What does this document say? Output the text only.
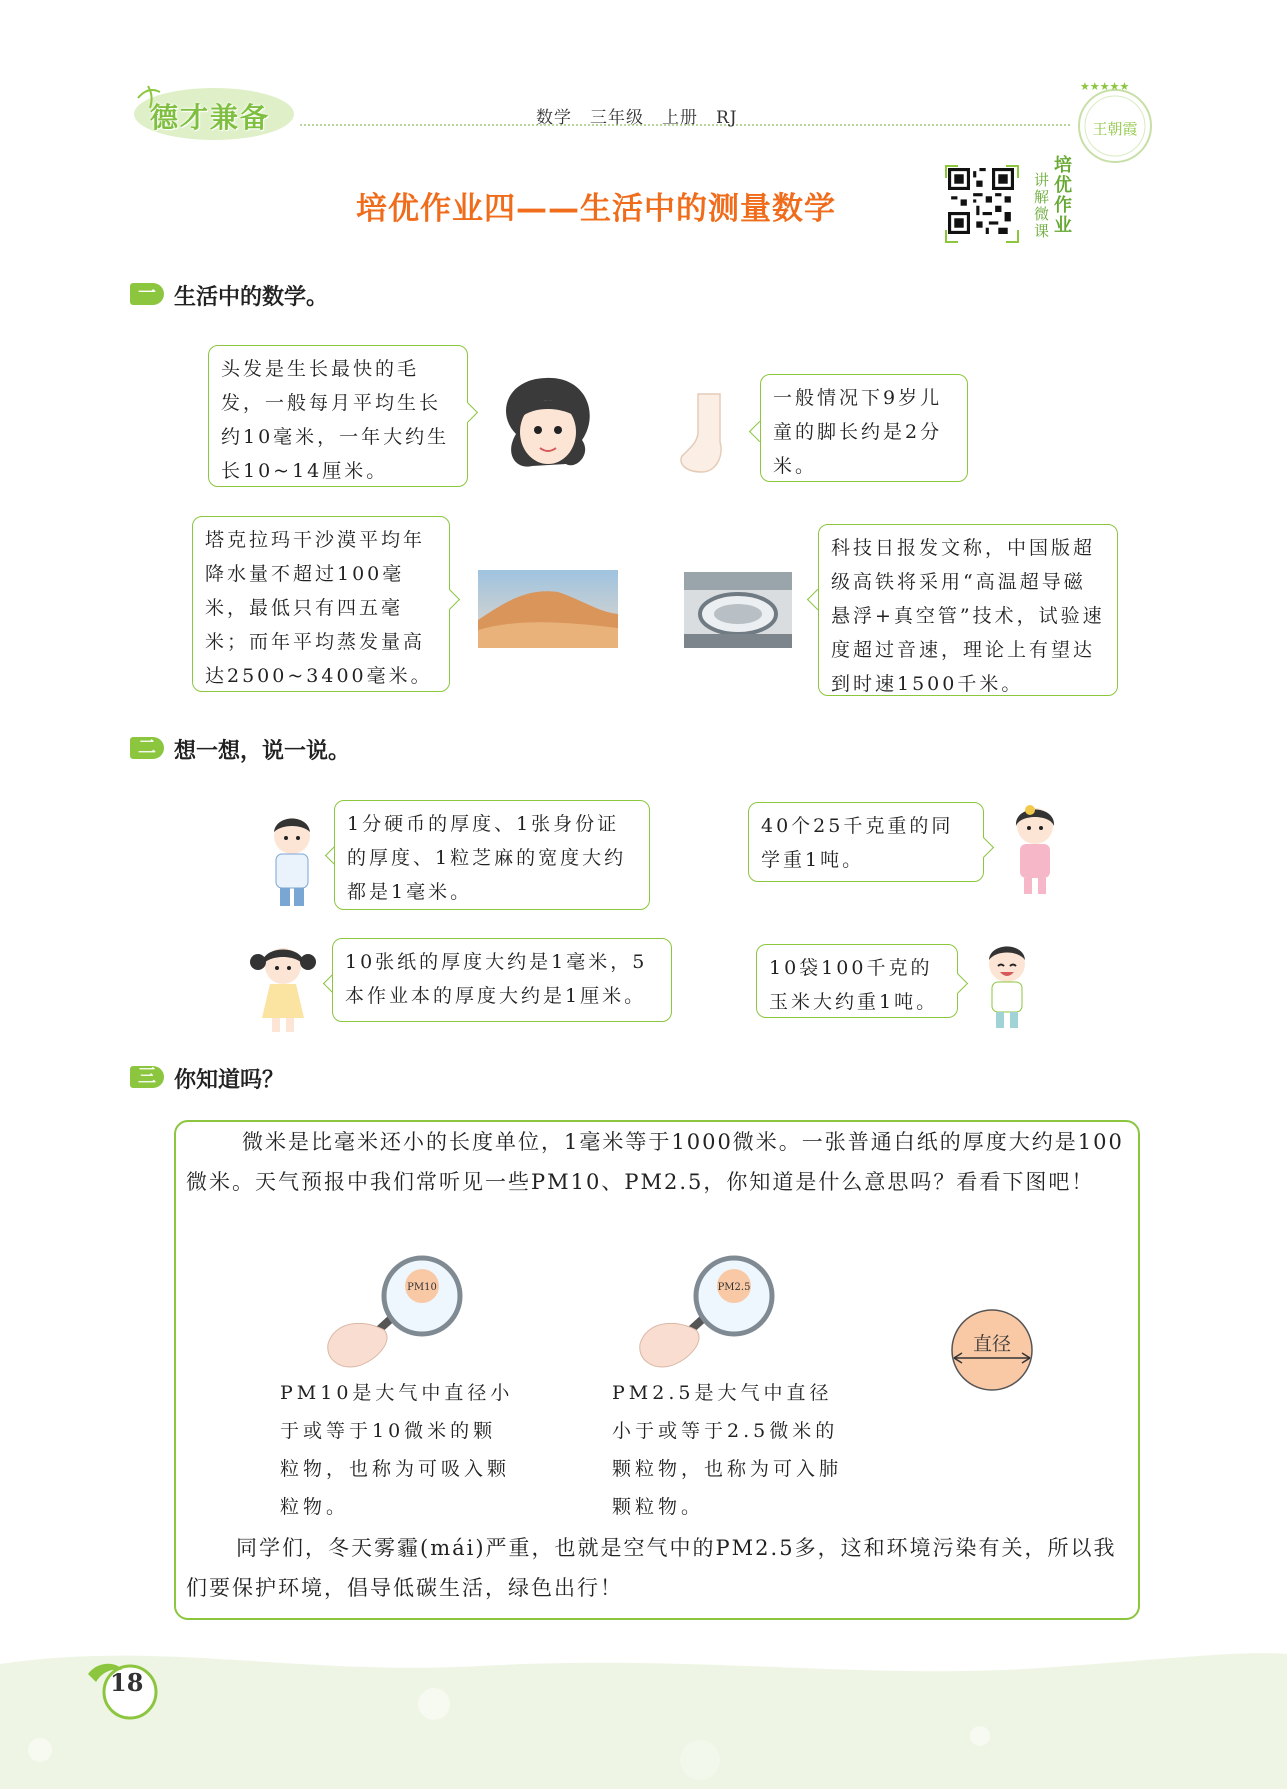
德才兼备	数学　三年级　上册　RJ
★★★★★
王朝霞
培优作业四——生活中的测量数学
讲解微课
培优作业
一 生活中的数学。
头发是生长最快的毛发，一般每月平均生长约10毫米，一年大约生长10~14厘米。
一般情况下9岁儿童的脚长约是2分米。
塔克拉玛干沙漠平均年降水量不超过100毫米，最低只有四五毫米；而年平均蒸发量高达2500~3400毫米。
科技日报发文称，中国版超级高铁将采用“高温超导磁悬浮+真空管”技术，试验速度超过音速，理论上有望达到时速1500千米。
二 想一想，说一说。
1分硬币的厚度、1张身份证的厚度、1粒芝麻的宽度大约都是1毫米。
40个25千克重的同学重1吨。
10张纸的厚度大约是1毫米，5本作业本的厚度大约是1厘米。
10袋100千克的玉米大约重1吨。
三 你知道吗？
微米是比毫米还小的长度单位，1毫米等于1000微米。一张普通白纸的厚度大约是100微米。天气预报中我们常听见一些PM10、PM2.5，你知道是什么意思吗？看看下图吧！
PM10	PM2.5
直径
PM10是大气中直径小于或等于10微米的颗粒物，也称为可吸入颗粒物。
PM2.5是大气中直径小于或等于2.5微米的颗粒物，也称为可入肺颗粒物。
同学们，冬天雾霾(mái)严重，也就是空气中的PM2.5多，这和环境污染有关，所以我们要保护环境，倡导低碳生活，绿色出行！
18
